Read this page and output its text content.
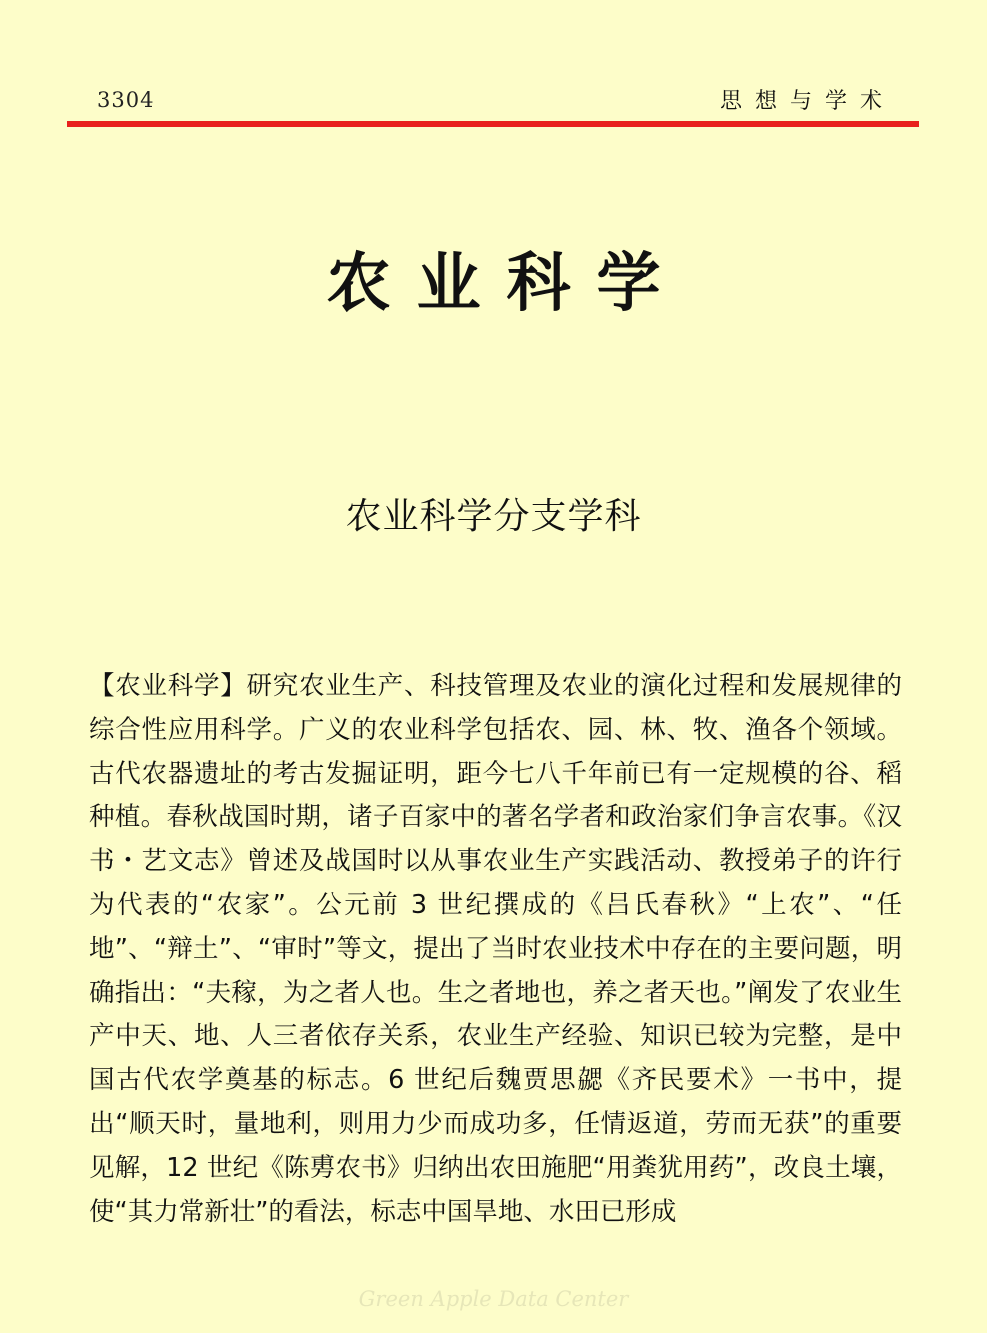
3304	思想与学术
农业科学
农业科学分支学科
【农业科学】研究农业生产、科技管理及农业的演化过程和发展规律的综合性应用科学。广义的农业科学包括农、园、林、牧、渔各个领域。古代农器遗址的考古发掘证明，距今七八千年前已有一定规模的谷、稻种植。春秋战国时期，诸子百家中的著名学者和政治家们争言农事。《汉书・艺文志》曾述及战国时以从事农业生产实践活动、教授弟子的许行为代表的“农家”。公元前 3 世纪撰成的《吕氏春秋》“上农”、“任地”、“辩土”、“审时”等文，提出了当时农业技术中存在的主要问题，明确指出：“夫稼，为之者人也。生之者地也，养之者天也。”阐发了农业生产中天、地、人三者依存关系，农业生产经验、知识已较为完整，是中国古代农学奠基的标志。6 世纪后魏贾思勰《齐民要术》一书中，提出“顺天时，量地利，则用力少而成功多，任情返道，劳而无获”的重要见解，12 世纪《陈旉农书》归纳出农田施肥“用粪犹用药”，改良土壤，使“其力常新壮”的看法，标志中国旱地、水田已形成
Green Apple Data Center
